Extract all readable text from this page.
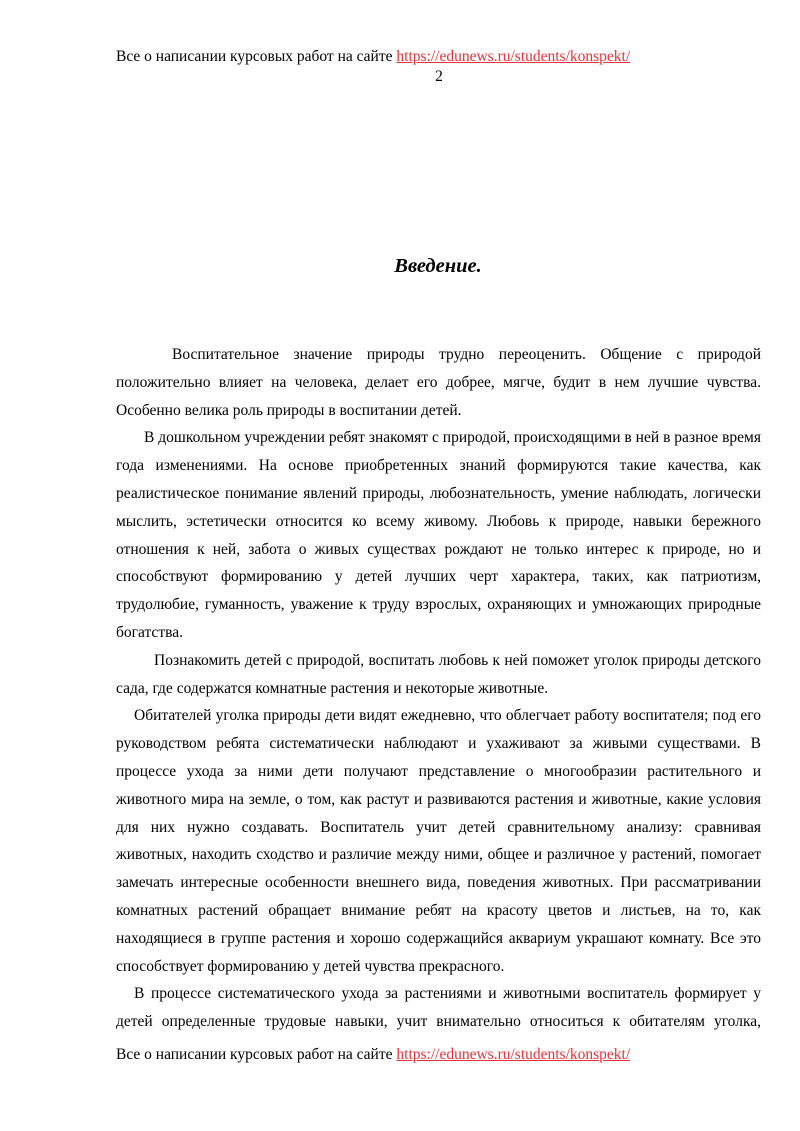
Все о написании курсовых работ на сайте https://edunews.ru/students/konspekt/
2
Введение.

Воспитательное значение природы трудно переоценить. Общение с природой положительно влияет на человека, делает его добрее, мягче, будит в нем лучшие чувства. Особенно велика роль природы в воспитании детей.

В дошкольном учреждении ребят знакомят с природой, происходящими в ней в разное время года изменениями. На основе приобретенных знаний формируются такие качества, как реалистическое понимание явлений природы, любознательность, умение наблюдать, логически мыслить, эстетически относится ко всему живому. Любовь к природе, навыки бережного отношения к ней, забота о живых существах рождают не только интерес к природе, но и способствуют формированию у детей лучших черт характера, таких, как патриотизм, трудолюбие, гуманность, уважение к труду взрослых, охраняющих и умножающих природные богатства.

Познакомить детей с природой, воспитать любовь к ней поможет уголок природы детского сада, где содержатся комнатные растения и некоторые животные.

Обитателей уголка природы дети видят ежедневно, что облегчает работу воспитателя; под его руководством ребята систематически наблюдают и ухаживают за живыми существами. В процессе ухода за ними дети получают представление о многообразии растительного и животного мира на земле, о том, как растут и развиваются растения и животные, какие условия для них нужно создавать. Воспитатель учит детей сравнительному анализу: сравнивая животных, находить сходство и различие между ними, общее и различное у растений, помогает замечать интересные особенности внешнего вида, поведения животных. При рассматривании комнатных растений обращает внимание ребят на красоту цветов и листьев, на то, как находящиеся в группе растения и хорошо содержащийся аквариум украшают комнату. Все это способствует формированию у детей чувства прекрасного.

В процессе систематического ухода за растениями и животными воспитатель формирует у детей определенные трудовые навыки, учит внимательно относиться к обитателям уголка,

Все о написании курсовых работ на сайте https://edunews.ru/students/konspekt/
